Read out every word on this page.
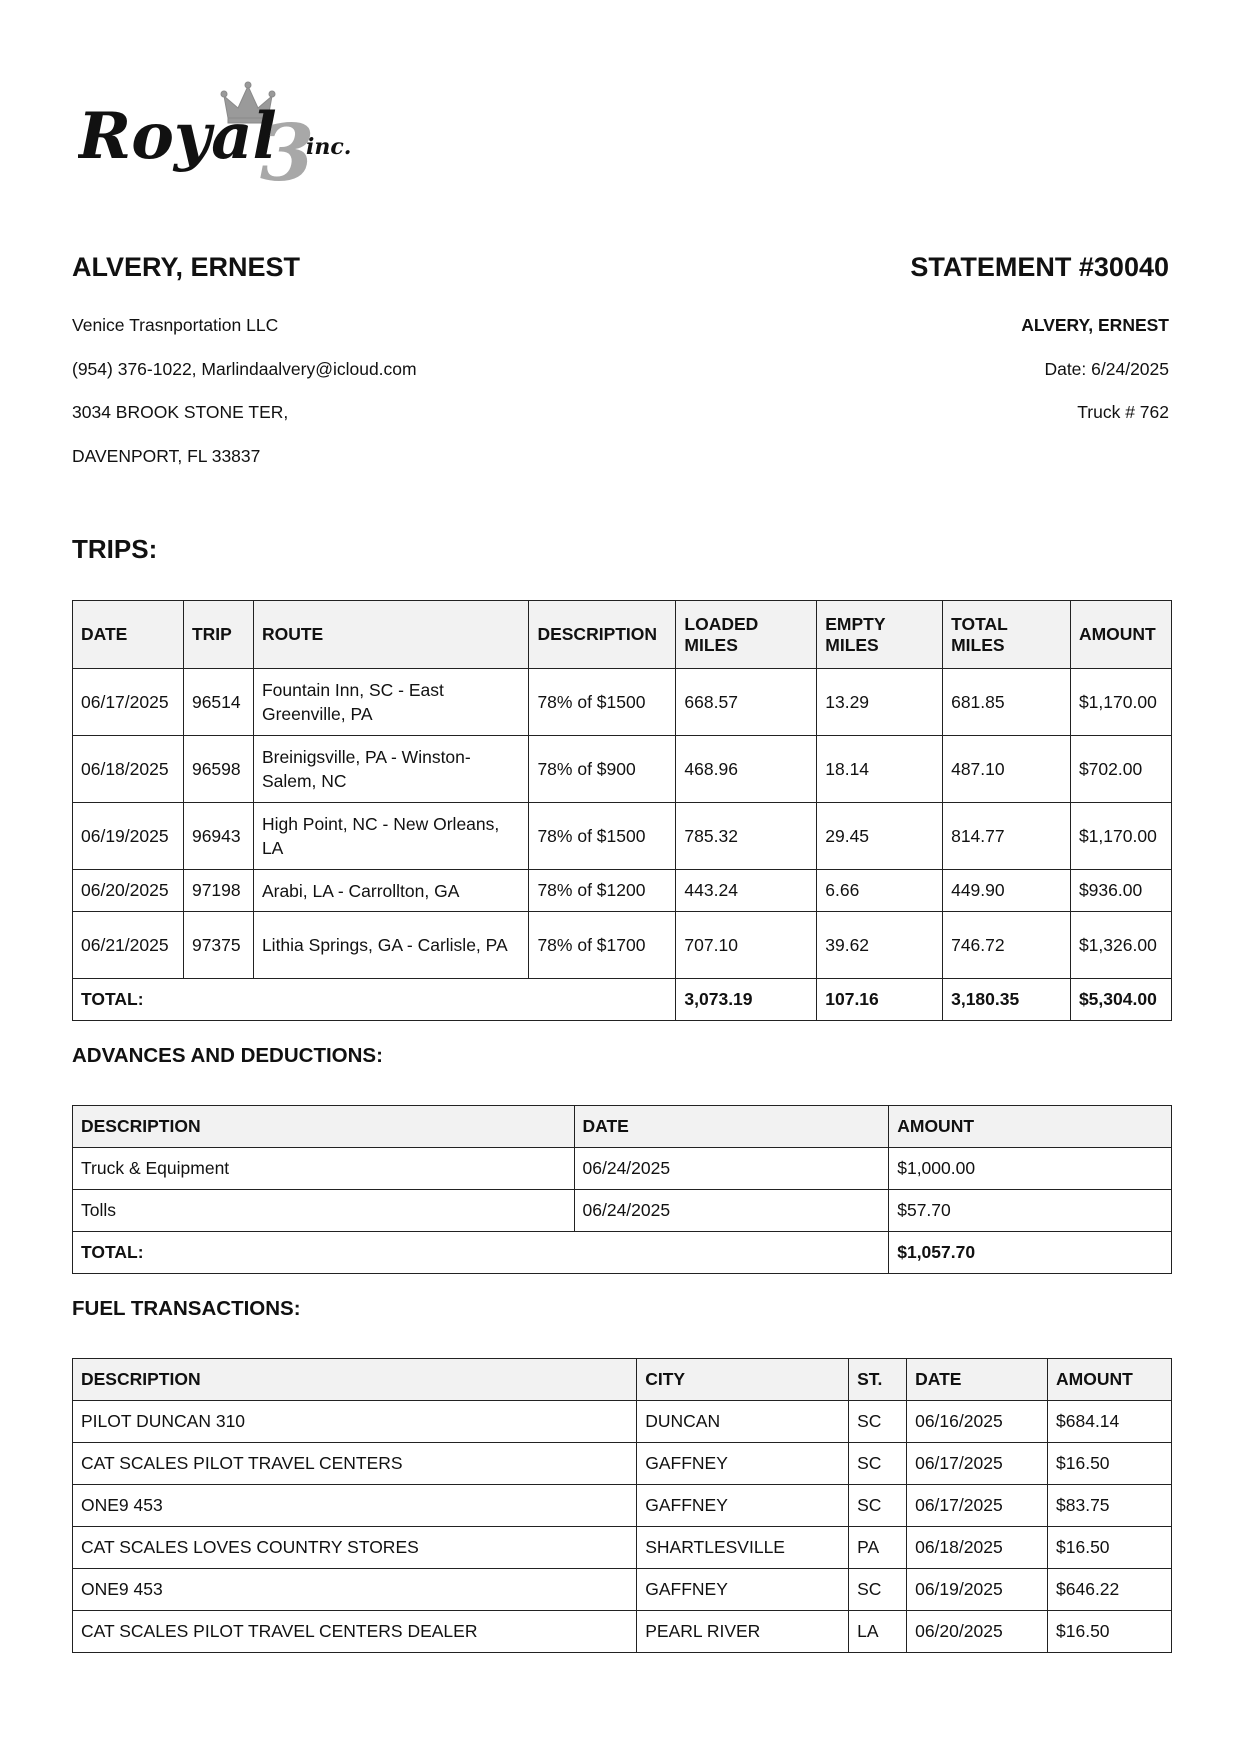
Royal
3
inc.

ALVERY, ERNEST

Venice Trasnportation LLC

(954) 376-1022, Marlindaalvery@icloud.com

3034 BROOK STONE TER,

DAVENPORT, FL 33837

STATEMENT #30040

ALVERY, ERNEST

Date: 6/24/2025

Truck # 762

TRIPS:

DATE	TRIP	ROUTE	DESCRIPTION	LOADED MILES	EMPTY MILES	TOTAL MILES	AMOUNT
06/17/2025	96514	Fountain Inn, SC - East Greenville, PA	78% of $1500	668.57	13.29	681.85	$1,170.00
06/18/2025	96598	Breinigsville, PA - Winston-Salem, NC	78% of $900	468.96	18.14	487.10	$702.00
06/19/2025	96943	High Point, NC - New Orleans, LA	78% of $1500	785.32	29.45	814.77	$1,170.00
06/20/2025	97198	Arabi, LA - Carrollton, GA	78% of $1200	443.24	6.66	449.90	$936.00
06/21/2025	97375	Lithia Springs, GA - Carlisle, PA	78% of $1700	707.10	39.62	746.72	$1,326.00
TOTAL:				3,073.19	107.16	3,180.35	$5,304.00

ADVANCES AND DEDUCTIONS:

DESCRIPTION	DATE	AMOUNT
Truck & Equipment	06/24/2025	$1,000.00
Tolls	06/24/2025	$57.70
TOTAL:		$1,057.70

FUEL TRANSACTIONS:

DESCRIPTION	CITY	ST.	DATE	AMOUNT
PILOT DUNCAN 310	DUNCAN	SC	06/16/2025	$684.14
CAT SCALES PILOT TRAVEL CENTERS	GAFFNEY	SC	06/17/2025	$16.50
ONE9 453	GAFFNEY	SC	06/17/2025	$83.75
CAT SCALES LOVES COUNTRY STORES	SHARTLESVILLE	PA	06/18/2025	$16.50
ONE9 453	GAFFNEY	SC	06/19/2025	$646.22
CAT SCALES PILOT TRAVEL CENTERS DEALER	PEARL RIVER	LA	06/20/2025	$16.50
